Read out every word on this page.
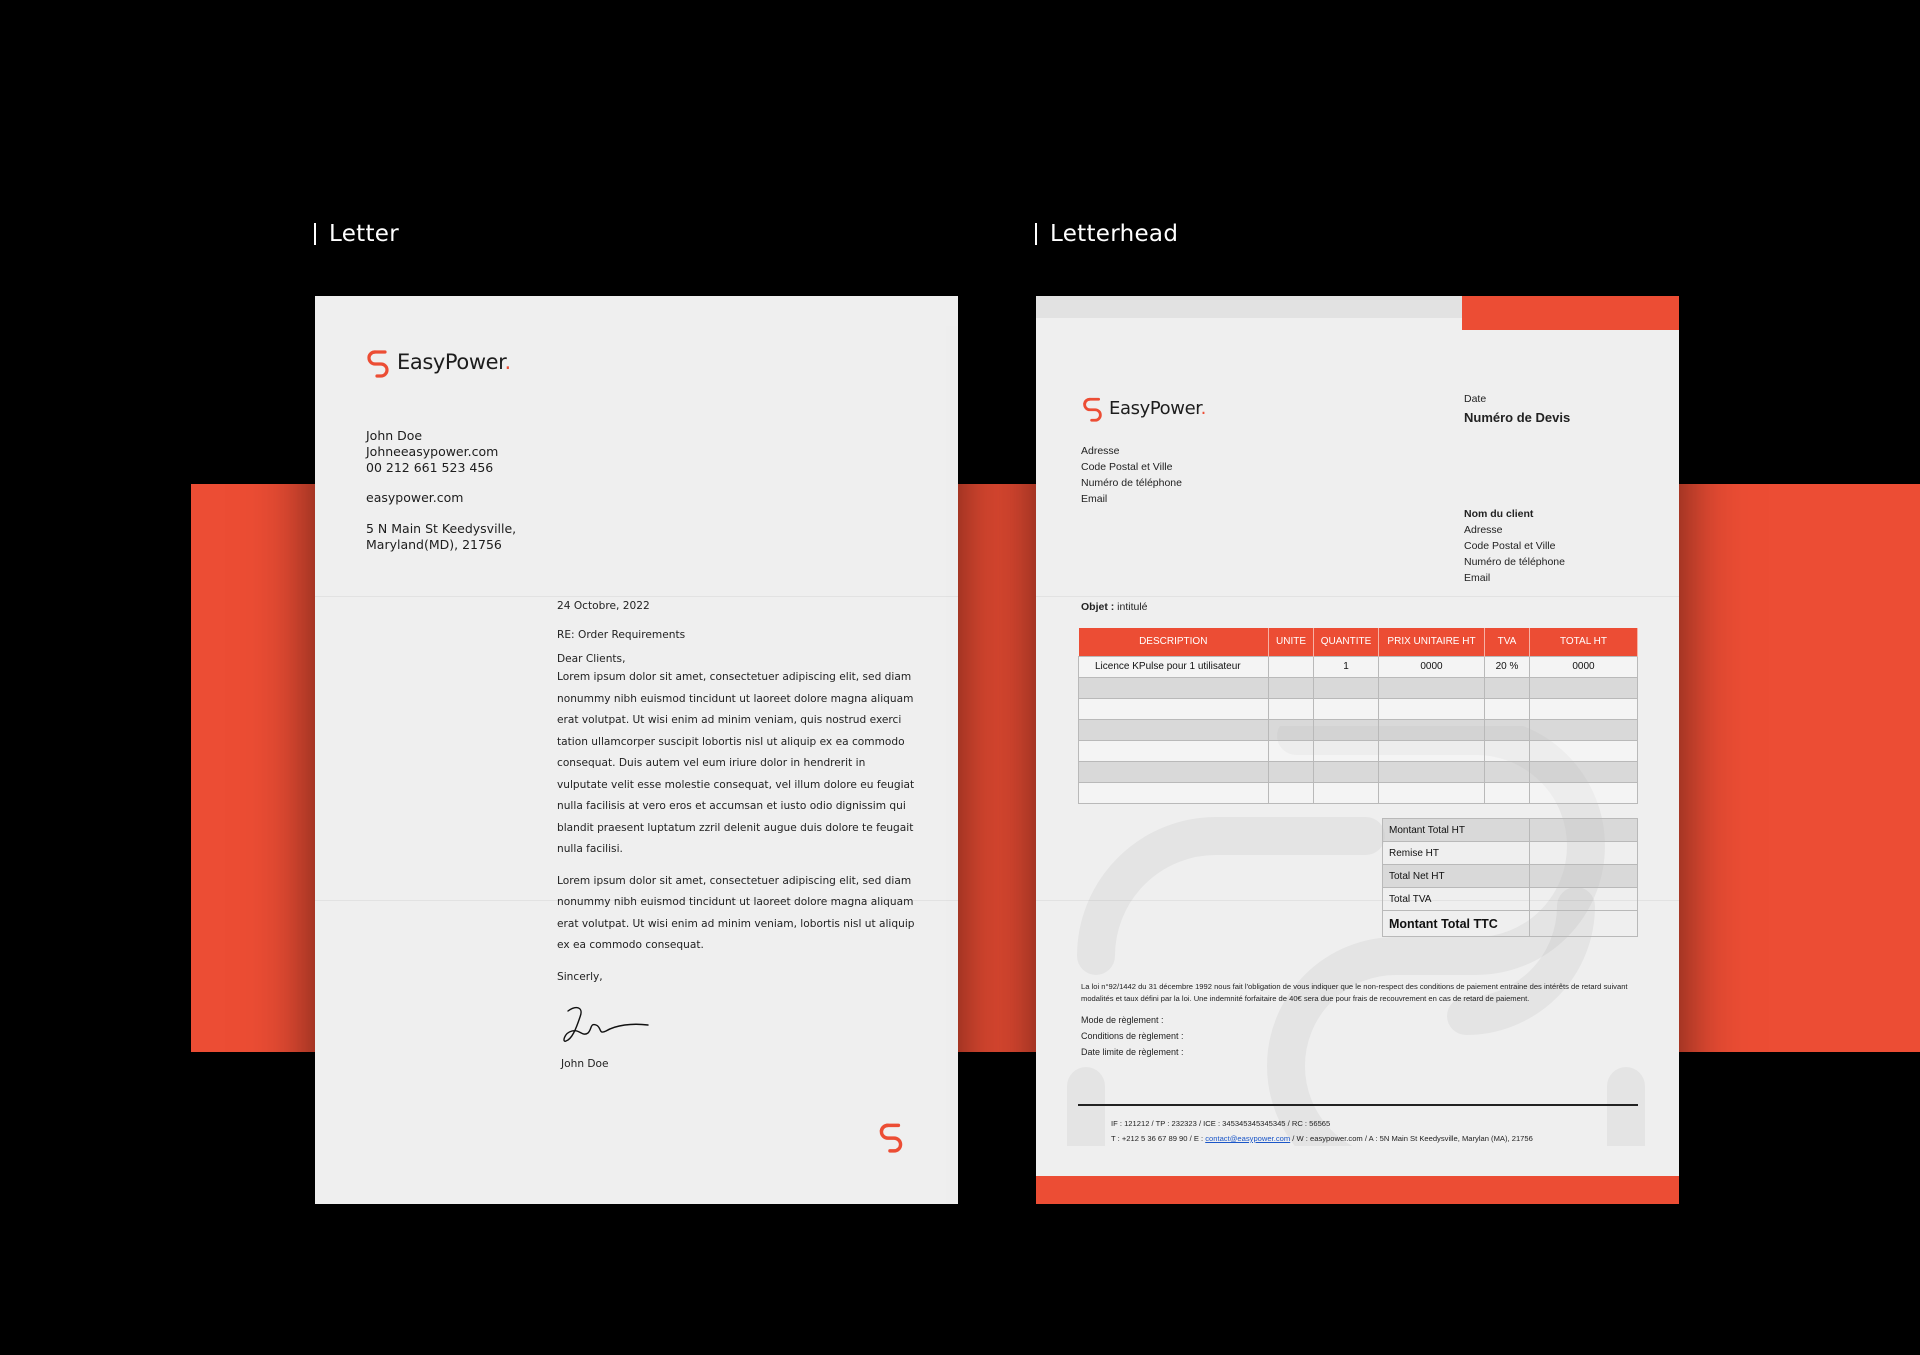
Letter	Letterhead
EasyPower.
John Doe
Johneeasypower.com
00 212 661 523 456
easypower.com
5 N Main St Keedysville,
Maryland(MD), 21756
24 Octobre, 2022
RE: Order Requirements

Dear Clients,

Lorem ipsum dolor sit amet, consectetuer adipiscing elit, sed diam nonummy nibh euismod tincidunt ut laoreet dolore magna aliquam erat volutpat. Ut wisi enim ad minim veniam, quis nostrud exerci tation ullamcorper suscipit lobortis nisl ut aliquip ex ea commodo consequat. Duis autem vel eum iriure dolor in hendrerit in vulputate velit esse molestie consequat, vel illum dolore eu feugiat nulla facilisis at vero eros et accumsan et iusto odio dignissim qui blandit praesent luptatum zzril delenit augue duis dolore te feugait nulla facilisi.

Lorem ipsum dolor sit amet, consectetuer adipiscing elit, sed diam nonummy nibh euismod tincidunt ut laoreet dolore magna aliquam erat volutpat. Ut wisi enim ad minim veniam, lobortis nisl ut aliquip ex ea commodo consequat.

Sincerly,

John Doe
EasyPower.
Adresse
Code Postal et Ville
Numéro de téléphone
Email
Date
Numéro de Devis
Nom du client
Adresse
Code Postal et Ville
Numéro de téléphone
Email
Objet : intitulé
DESCRIPTION	UNITE	QUANTITE	PRIX UNITAIRE HT	TVA	TOTAL HT
Licence KPulse pour 1 utilisateur		1	0000	20 %	0000

Montant Total HT	
Remise HT	
Total Net HT	
Total TVA	
Montant Total TTC	
La loi n°92/1442 du 31 décembre 1992 nous fait l'obligation de vous indiquer que le non-respect des conditions de paiement entraine des intérêts de retard suivant modalités et taux défini par la loi. Une indemnité forfaitaire de 40€ sera due pour frais de recouvrement en cas de retard de paiement.
Mode de règlement :
Conditions de règlement :
Date limite de règlement :
IF : 121212 / TP : 232323 / ICE : 345345345345345 / RC : 56565
T : +212 5 36 67 89 90 / E : contact@easypower.com / W : easypower.com / A : 5N Main St Keedysville, Marylan (MA), 21756
